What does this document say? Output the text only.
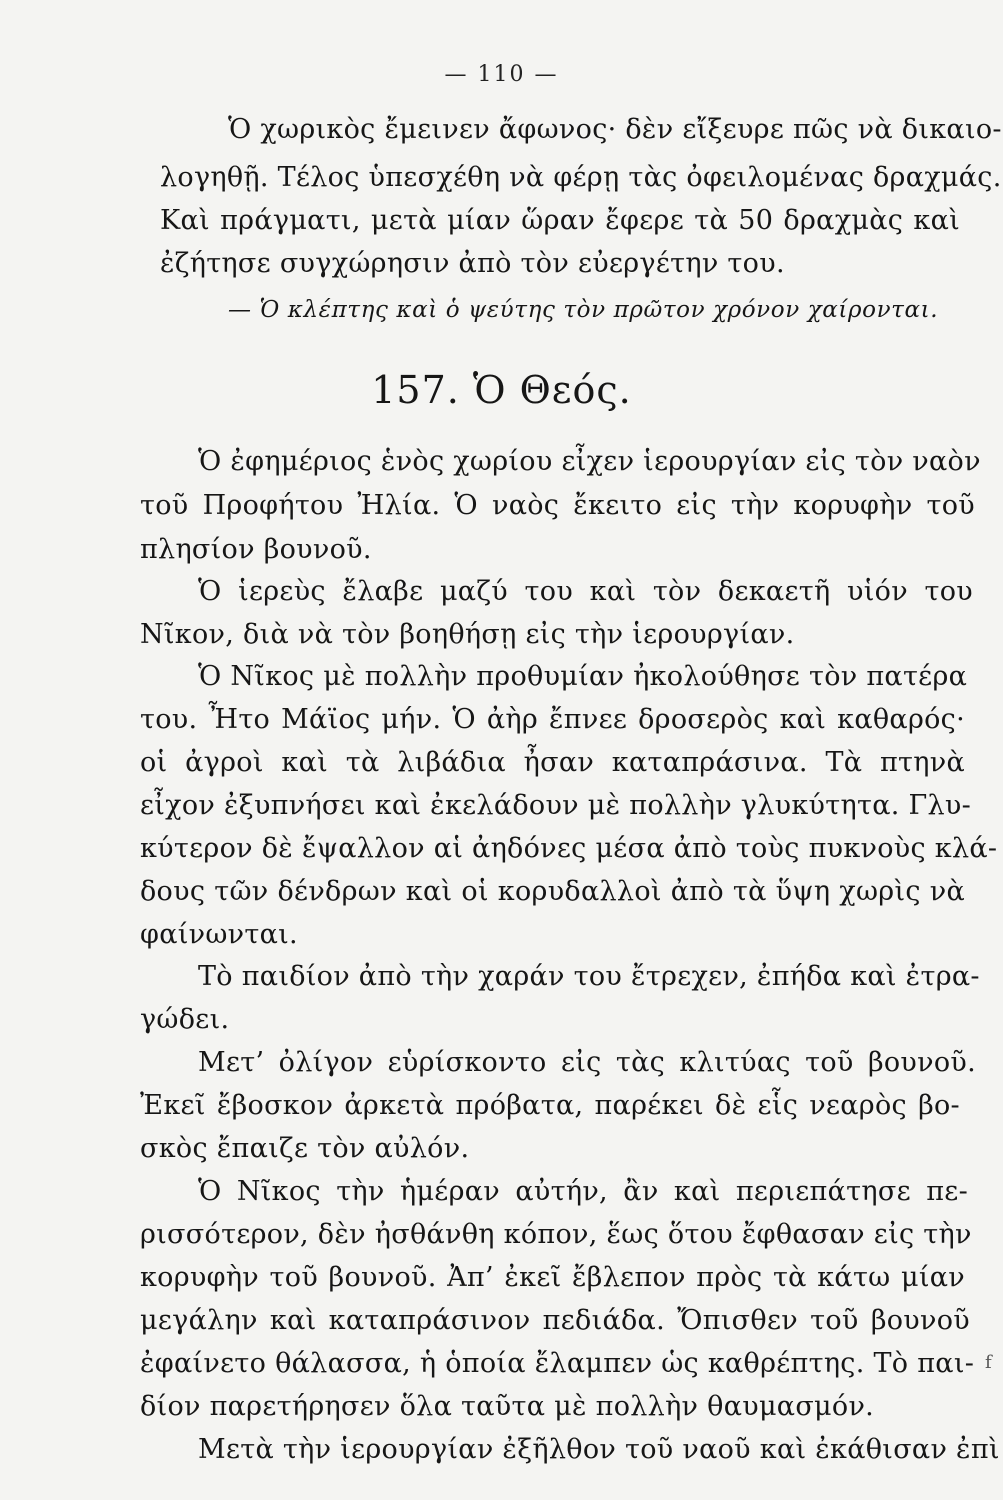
— 110 —
Ὁ χωρικὸς ἔμεινεν ἄφωνος· δὲν εἴξευρε πῶς νὰ δικαιο-
λογηθῇ. Τέλος ὑπεσχέθη νὰ φέρῃ τὰς ὀφειλομένας δραχμάς.
Καὶ πράγματι, μετὰ μίαν ὥραν ἔφερε τὰ 50 δραχμὰς καὶ
ἐζήτησε συγχώρησιν ἀπὸ τὸν εὐεργέτην του.
— Ὁ κλέπτης καὶ ὁ ψεύτης τὸν πρῶτον χρόνον χαίρονται.
157. Ὁ Θεός.
Ὁ ἐφημέριος ἑνὸς χωρίου εἶχεν ἱερουργίαν εἰς τὸν ναὸν
τοῦ Προφήτου Ἠλία. Ὁ ναὸς ἔκειτο εἰς τὴν κορυφὴν τοῦ
πλησίον βουνοῦ.
Ὁ ἱερεὺς ἔλαβε μαζύ του καὶ τὸν δεκαετῆ υἱόν του
Νῖκον, διὰ νὰ τὸν βοηθήσῃ εἰς τὴν ἱερουργίαν.
Ὁ Νῖκος μὲ πολλὴν προθυμίαν ἠκολούθησε τὸν πατέρα
του. Ἦτο Μάϊος μήν. Ὁ ἀὴρ ἔπνεε δροσερὸς καὶ καθαρός·
οἱ ἀγροὶ καὶ τὰ λιβάδια ἦσαν καταπράσινα. Τὰ πτηνὰ
εἶχον ἐξυπνήσει καὶ ἐκελάδουν μὲ πολλὴν γλυκύτητα. Γλυ-
κύτερον δὲ ἔψαλλον αἱ ἀηδόνες μέσα ἀπὸ τοὺς πυκνοὺς κλά-
δους τῶν δένδρων καὶ οἱ κορυδαλλοὶ ἀπὸ τὰ ὕψη χωρὶς νὰ
φαίνωνται.
Τὸ παιδίον ἀπὸ τὴν χαράν του ἔτρεχεν, ἐπήδα καὶ ἐτρα-
γώδει.
Μετ’ ὀλίγον εὑρίσκοντο εἰς τὰς κλιτύας τοῦ βουνοῦ.
Ἐκεῖ ἔβοσκον ἀρκετὰ πρόβατα, παρέκει δὲ εἷς νεαρὸς βο-
σκὸς ἔπαιζε τὸν αὐλόν.
Ὁ Νῖκος τὴν ἡμέραν αὐτήν, ἂν καὶ περιεπάτησε πε-
ρισσότερον, δὲν ἠσθάνθη κόπον, ἕως ὅτου ἔφθασαν εἰς τὴν
κορυφὴν τοῦ βουνοῦ. Ἀπ’ ἐκεῖ ἔβλεπον πρὸς τὰ κάτω μίαν
μεγάλην καὶ καταπράσινον πεδιάδα. Ὄπισθεν τοῦ βουνοῦ
ἐφαίνετο θάλασσα, ἡ ὁποία ἔλαμπεν ὡς καθρέπτης. Τὸ παι-
δίον παρετήρησεν ὅλα ταῦτα μὲ πολλὴν θαυμασμόν.
Μετὰ τὴν ἱερουργίαν ἐξῆλθον τοῦ ναοῦ καὶ ἐκάθισαν ἐπὶ
f
